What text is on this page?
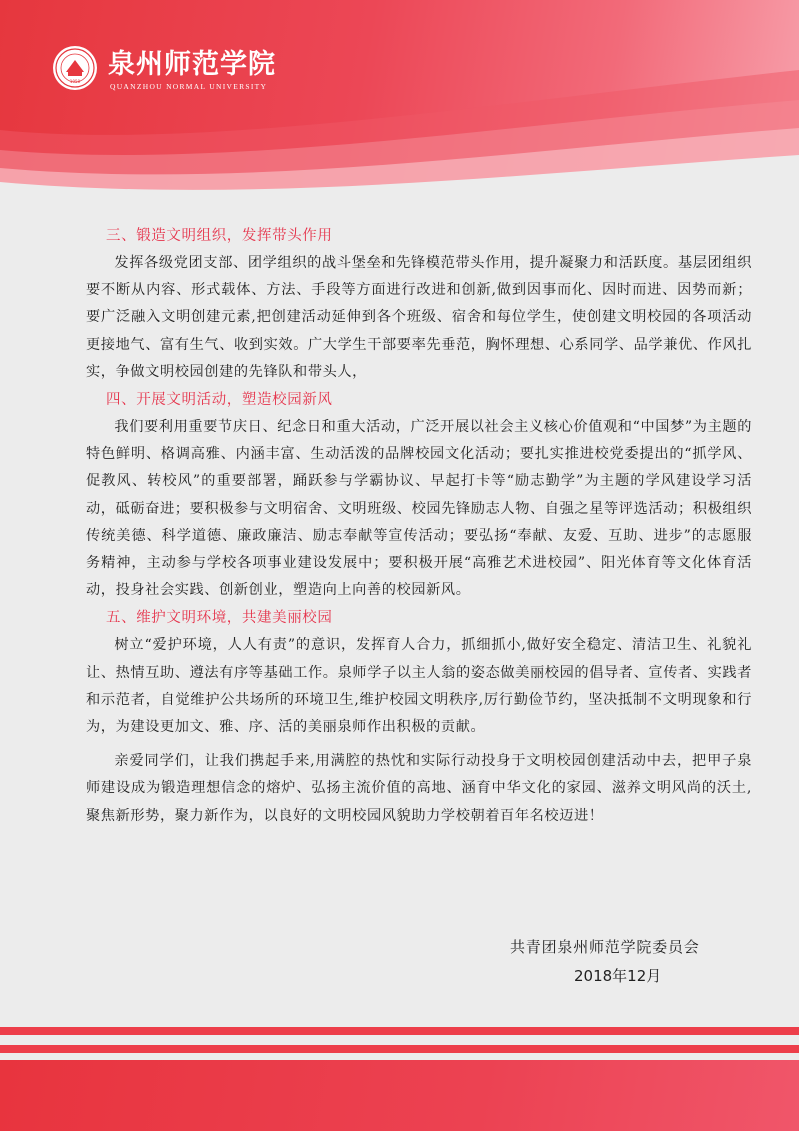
1958
泉州师范学院
QUANZHOU NORMAL UNIVERSITY
三、锻造文明组织，发挥带头作用

发挥各级党团支部、团学组织的战斗堡垒和先锋模范带头作用，提升凝聚力和活跃度。基层团组织要不断从内容、形式载体、方法、手段等方面进行改进和创新,做到因事而化、因时而进、因势而新；要广泛融入文明创建元素,把创建活动延伸到各个班级、宿舍和每位学生，使创建文明校园的各项活动更接地气、富有生气、收到实效。广大学生干部要率先垂范，胸怀理想、心系同学、品学兼优、作风扎实，争做文明校园创建的先锋队和带头人，

四、开展文明活动，塑造校园新风

我们要利用重要节庆日、纪念日和重大活动，广泛开展以社会主义核心价值观和“中国梦”为主题的特色鲜明、格调高雅、内涵丰富、生动活泼的品牌校园文化活动；要扎实推进校党委提出的“抓学风、促教风、转校风”的重要部署，踊跃参与学霸协议、早起打卡等“励志勤学”为主题的学风建设学习活动，砥砺奋进；要积极参与文明宿舍、文明班级、校园先锋励志人物、自强之星等评选活动；积极组织传统美德、科学道德、廉政廉洁、励志奉献等宣传活动；要弘扬“奉献、友爱、互助、进步”的志愿服务精神，主动参与学校各项事业建设发展中；要积极开展“高雅艺术进校园”、阳光体育等文化体育活动，投身社会实践、创新创业，塑造向上向善的校园新风。

五、维护文明环境，共建美丽校园

树立“爱护环境，人人有责”的意识，发挥育人合力，抓细抓小,做好安全稳定、清洁卫生、礼貌礼让、热情互助、遵法有序等基础工作。泉师学子以主人翁的姿态做美丽校园的倡导者、宣传者、实践者和示范者，自觉维护公共场所的环境卫生,维护校园文明秩序,厉行勤俭节约，坚决抵制不文明现象和行为，为建设更加文、雅、序、活的美丽泉师作出积极的贡献。

亲爱同学们，让我们携起手来,用满腔的热忱和实际行动投身于文明校园创建活动中去，把甲子泉师建设成为锻造理想信念的熔炉、弘扬主流价值的高地、涵育中华文化的家园、滋养文明风尚的沃土,聚焦新形势，聚力新作为，以良好的文明校园风貌助力学校朝着百年名校迈进！

共青团泉州师范学院委员会
2018年12月
